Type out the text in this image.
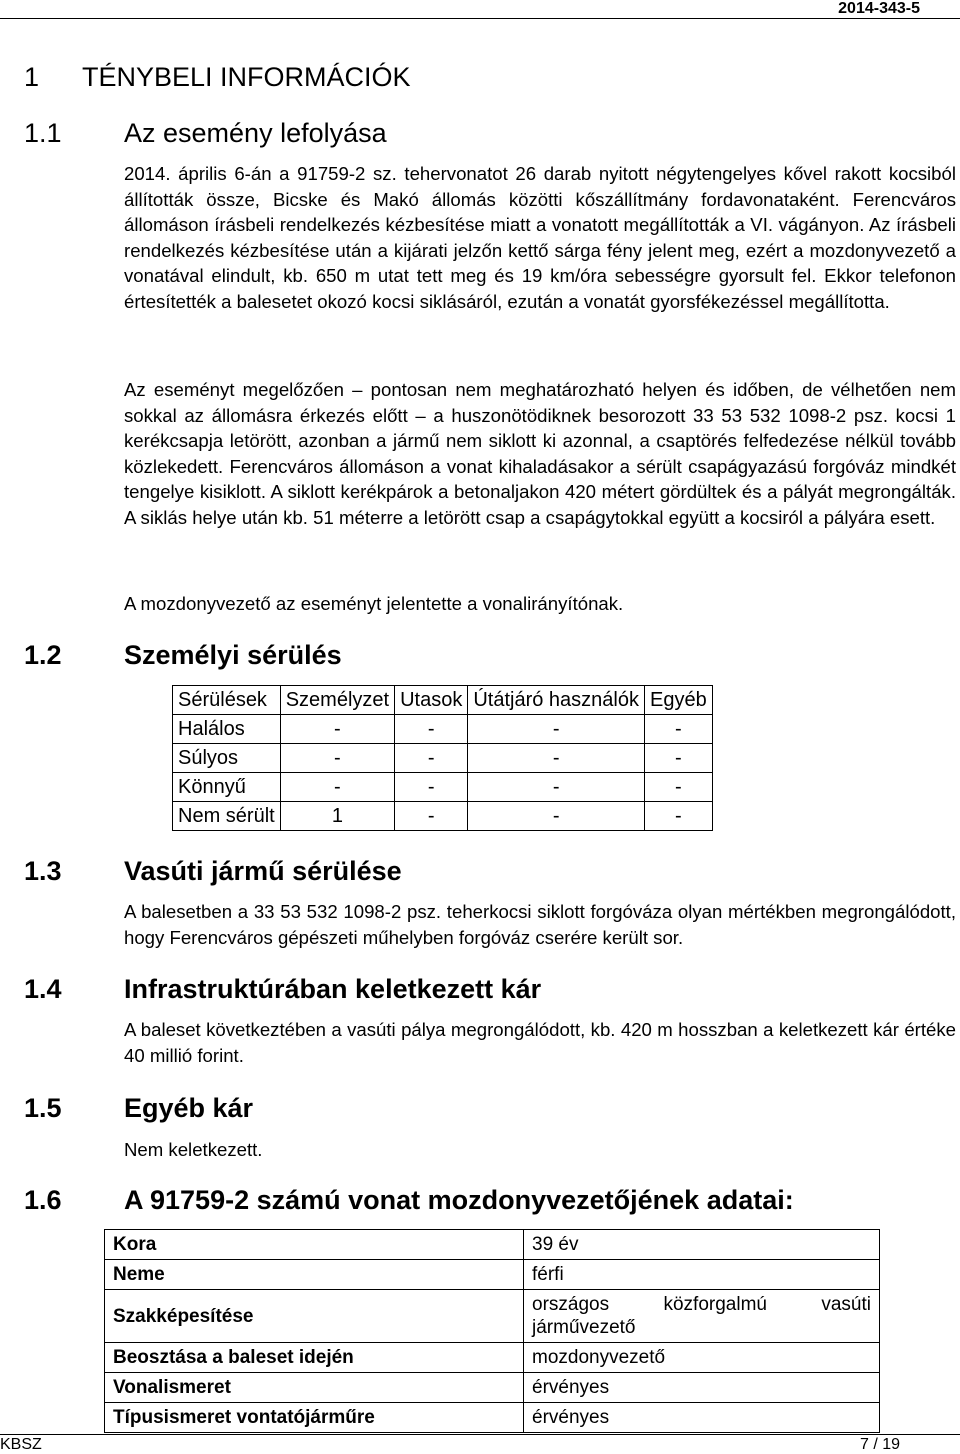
2014-343-5
1 TÉNYBELI INFORMÁCIÓK
1.1 Az esemény lefolyása

2014. április 6-án a 91759-2 sz. tehervonatot 26 darab nyitott négytengelyes kővel rakott kocsiból állították össze, Bicske és Makó állomás közötti kőszállítmány fordavonataként. Ferencváros állomáson írásbeli rendelkezés kézbesítése miatt a vonatott megállították a VI. vágányon. Az írásbeli rendelkezés kézbesítése után a kijárati jelzőn kettő sárga fény jelent meg, ezért a mozdonyvezető a vonatával elindult, kb. 650 m utat tett meg és 19 km/óra sebességre gyorsult fel. Ekkor telefonon értesítették a balesetet okozó kocsi siklásáról, ezután a vonatát gyorsfékezéssel megállította.

Az eseményt megelőzően – pontosan nem meghatározható helyen és időben, de vélhetően nem sokkal az állomásra érkezés előtt – a huszonötödiknek besorozott 33 53 532 1098-2 psz. kocsi 1 kerékcsapja letörött, azonban a jármű nem siklott ki azonnal, a csaptörés felfedezése nélkül tovább közlekedett. Ferencváros állomáson a vonat kihaladásakor a sérült csapágyazású forgóváz mindkét tengelye kisiklott. A siklott kerékpárok a betonaljakon 420 métert gördültek és a pályát megrongálták. A siklás helye után kb. 51 méterre a letörött csap a csapágytokkal együtt a kocsiról a pályára esett.

A mozdonyvezető az eseményt jelentette a vonalirányítónak.

1.2 Személyi sérülés
Sérülések	Személyzet	Utasok	Útátjáró használók	Egyéb
Halálos	-	-	-	-
Súlyos	-	-	-	-
Könnyű	-	-	-	-
Nem sérült	1	-	-	-
1.3 Vasúti jármű sérülése

A balesetben a 33 53 532 1098-2 psz. teherkocsi siklott forgóváza olyan mértékben megrongálódott, hogy Ferencváros gépészeti műhelyben forgóváz cserére került sor.

1.4 Infrastruktúrában keletkezett kár

A baleset következtében a vasúti pálya megrongálódott, kb. 420 m hosszban a keletkezett kár értéke 40 millió forint.

1.5 Egyéb kár

Nem keletkezett.

1.6 A 91759-2 számú vonat mozdonyvezetőjének adatai:
Kora	39 év
Neme	férfi
Szakképesítése	országos közforgalmú vasúti járművezető
Beosztása a baleset idején	mozdonyvezető
Vonalismeret	érvényes
Típusismeret vontatójárműre	érvényes
KBSZ	7 / 19
